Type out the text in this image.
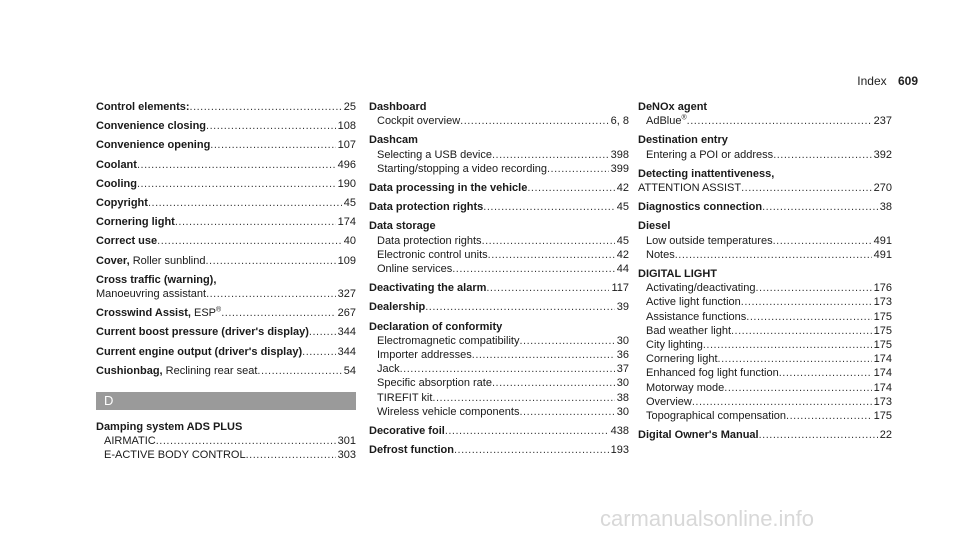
Index 609
Control elements: .....	25
Convenience closing .....	108
Convenience opening .....	107
Coolant .....	496
Cooling .....	190
Copyright .....	45
Cornering light .....	174
Correct use .....	40
Cover, Roller sunblind .....	109
Cross traffic (warning),
Manoeuvring assistant .....	327
Crosswind Assist, ESP® .....	267
Current boost pressure (driver's display) .....	344
Current engine output (driver's display) .....	344
Cushionbag, Reclining rear seat .....	54
D
Damping system ADS PLUS
AIRMATIC .....	301
E-ACTIVE BODY CONTROL .....	303
Dashboard
Cockpit overview .....	6, 8
Dashcam
Selecting a USB device .....	398
Starting/stopping a video recording .....	399
Data processing in the vehicle .....	42
Data protection rights .....	45
Data storage
Data protection rights .....	45
Electronic control units .....	42
Online services .....	44
Deactivating the alarm .....	117
Dealership .....	39
Declaration of conformity
Electromagnetic compatibility .....	30
Importer addresses .....	36
Jack .....	37
Specific absorption rate .....	30
TIREFIT kit .....	38
Wireless vehicle components .....	30
Decorative foil .....	438
Defrost function .....	193
DeNOx agent
AdBlue® .....	237
Destination entry
Entering a POI or address .....	392
Detecting inattentiveness,
ATTENTION ASSIST .....	270
Diagnostics connection .....	38
Diesel
Low outside temperatures .....	491
Notes .....	491
DIGITAL LIGHT
Activating/deactivating .....	176
Active light function .....	173
Assistance functions .....	175
Bad weather light .....	175
City lighting .....	175
Cornering light .....	174
Enhanced fog light function .....	174
Motorway mode .....	174
Overview .....	173
Topographical compensation .....	175
Digital Owner's Manual .....	22
carmanualsonline.info
